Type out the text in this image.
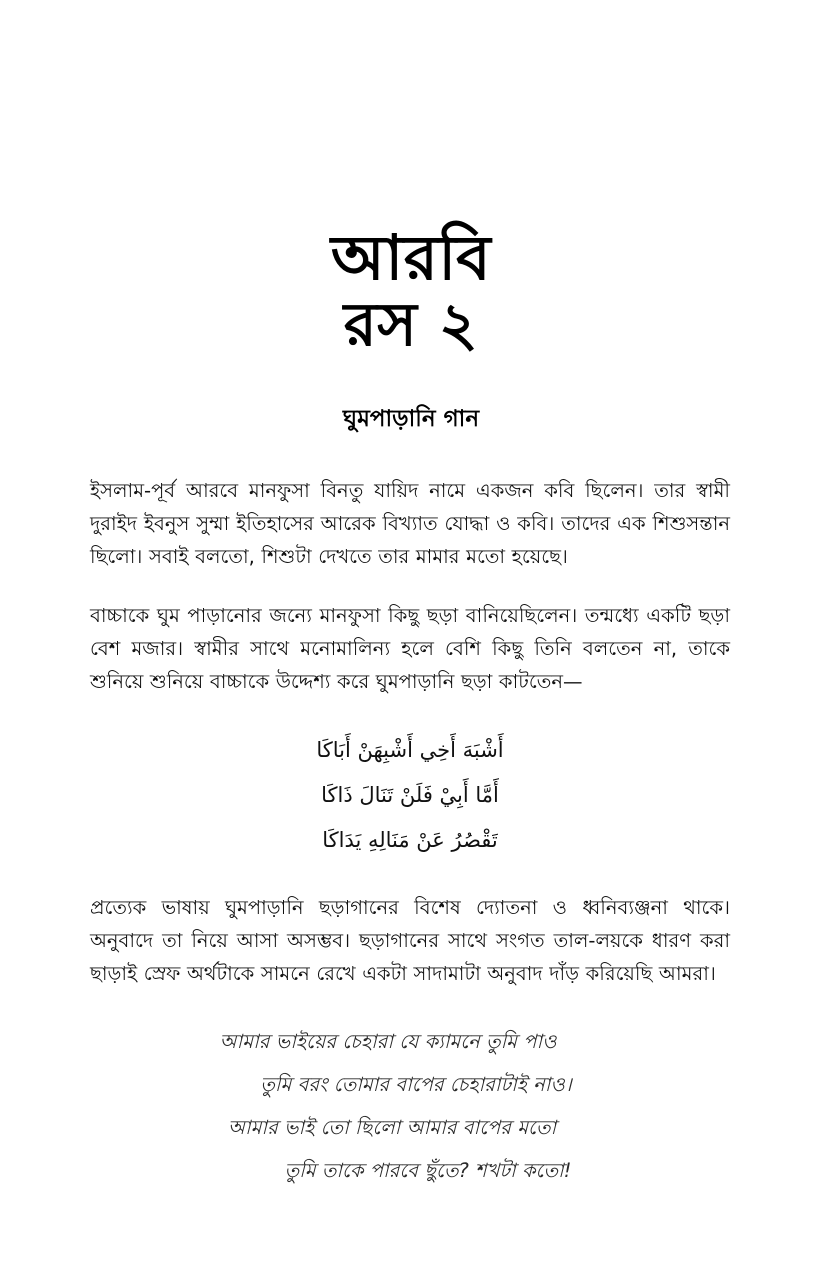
আরবি
রস ২
ঘুমপাড়ানি গান

ইসলাম-পূর্ব আরবে মানফুসা বিনতু যায়িদ নামে একজন কবি ছিলেন। তার স্বামী দুরাইদ ইবনুস সুম্মা ইতিহাসের আরেক বিখ্যাত যোদ্ধা ও কবি। তাদের এক শিশুসন্তান ছিলো। সবাই বলতো, শিশুটা দেখতে তার মামার মতো হয়েছে।

বাচ্চাকে ঘুম পাড়ানোর জন্যে মানফুসা কিছু ছড়া বানিয়েছিলেন। তন্মধ্যে একটি ছড়া বেশ মজার। স্বামীর সাথে মনোমালিন্য হলে বেশি কিছু তিনি বলতেন না, তাকে শুনিয়ে শুনিয়ে বাচ্চাকে উদ্দেশ্য করে ঘুমপাড়ানি ছড়া কাটতেন—

أَشْبَهَ أَخِي أَشْبِهَنْ أَبَاكَا
أَمَّا أَبِيْ فَلَنْ تَنَالَ ذَاكَا
تَقْصُرُ عَنْ مَنَالِهِ يَدَاكَا

প্রত্যেক ভাষায় ঘুমপাড়ানি ছড়াগানের বিশেষ দ্যোতনা ও ধ্বনিব্যঞ্জনা থাকে। অনুবাদে তা নিয়ে আসা অসম্ভব। ছড়াগানের সাথে সংগত তাল-লয়কে ধারণ করা ছাড়াই স্রেফ অর্থটাকে সামনে রেখে একটা সাদামাটা অনুবাদ দাঁড় করিয়েছি আমরা।

আমার ভাইয়ের চেহারা যে ক্যামনে তুমি পাও
তুমি বরং তোমার বাপের চেহারাটাই নাও।
আমার ভাই তো ছিলো আমার বাপের মতো
তুমি তাকে পারবে ছুঁতে? শখটা কতো!
